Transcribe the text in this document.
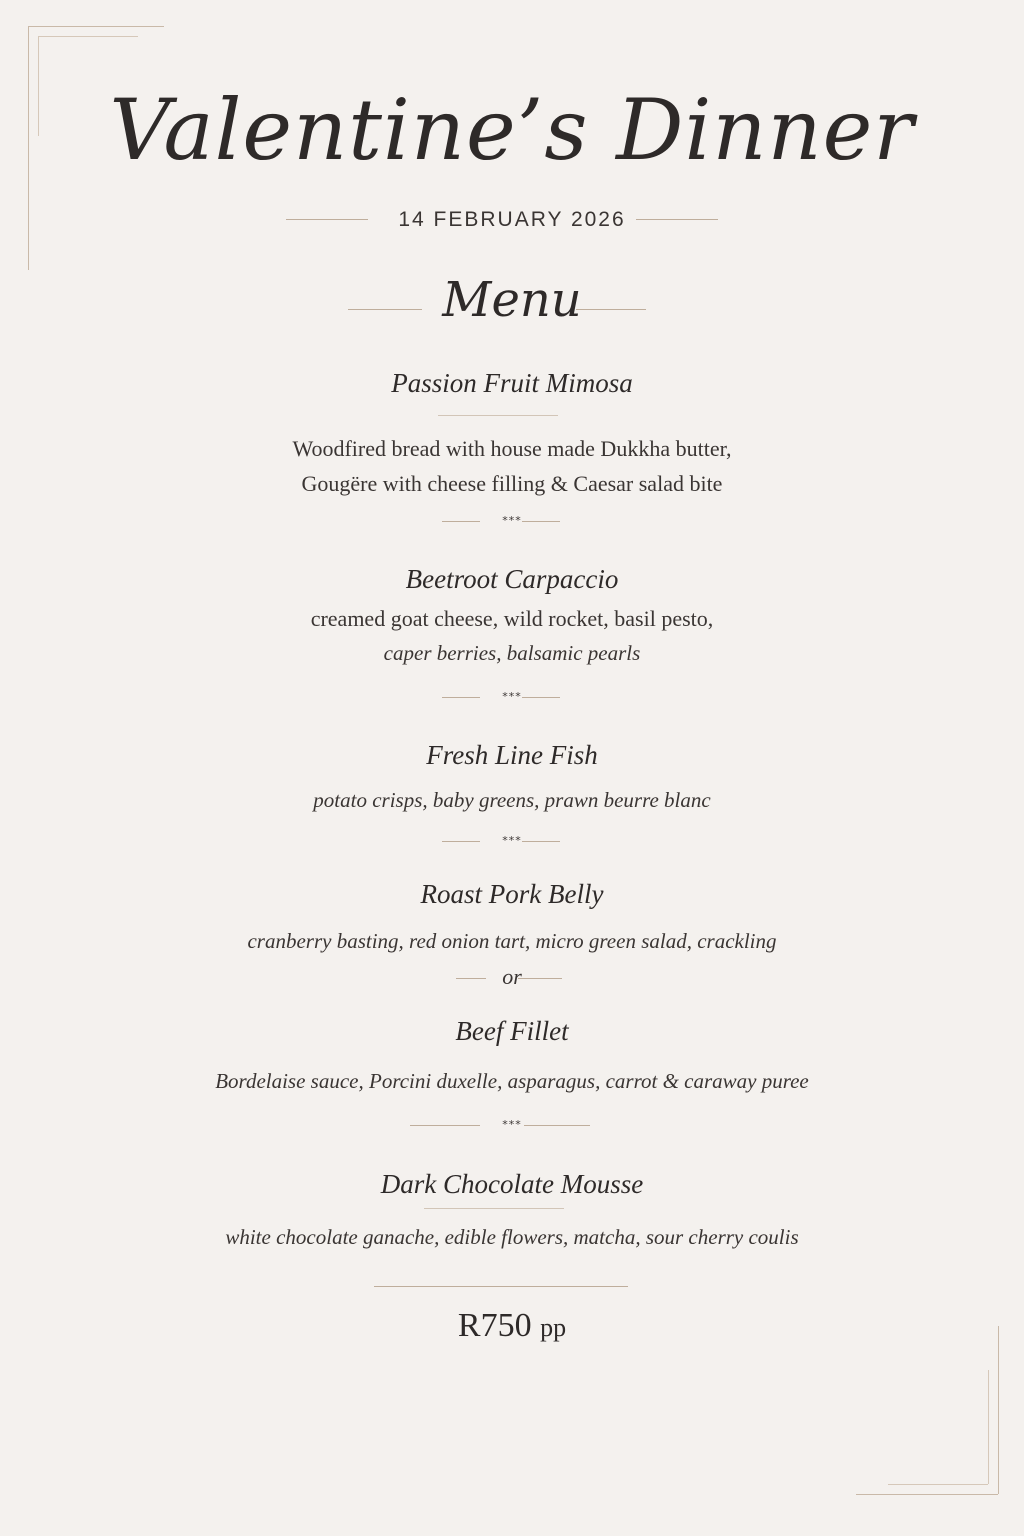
Valentine’s Dinner
14 FEBRUARY 2026
Menu
Passion Fruit Mimosa
Woodfired bread with house made Dukkha butter,
Gougëre with cheese filling & Caesar salad bite
***
Beetroot Carpaccio
creamed goat cheese, wild rocket, basil pesto,
caper berries, balsamic pearls
***
Fresh Line Fish
potato crisps, baby greens, prawn beurre blanc
***
Roast Pork Belly
cranberry basting, red onion tart, micro green salad, crackling
or
Beef Fillet
Bordelaise sauce, Porcini duxelle, asparagus, carrot & caraway puree
***
Dark Chocolate Mousse
white chocolate ganache, edible flowers, matcha, sour cherry coulis
R750 pp
